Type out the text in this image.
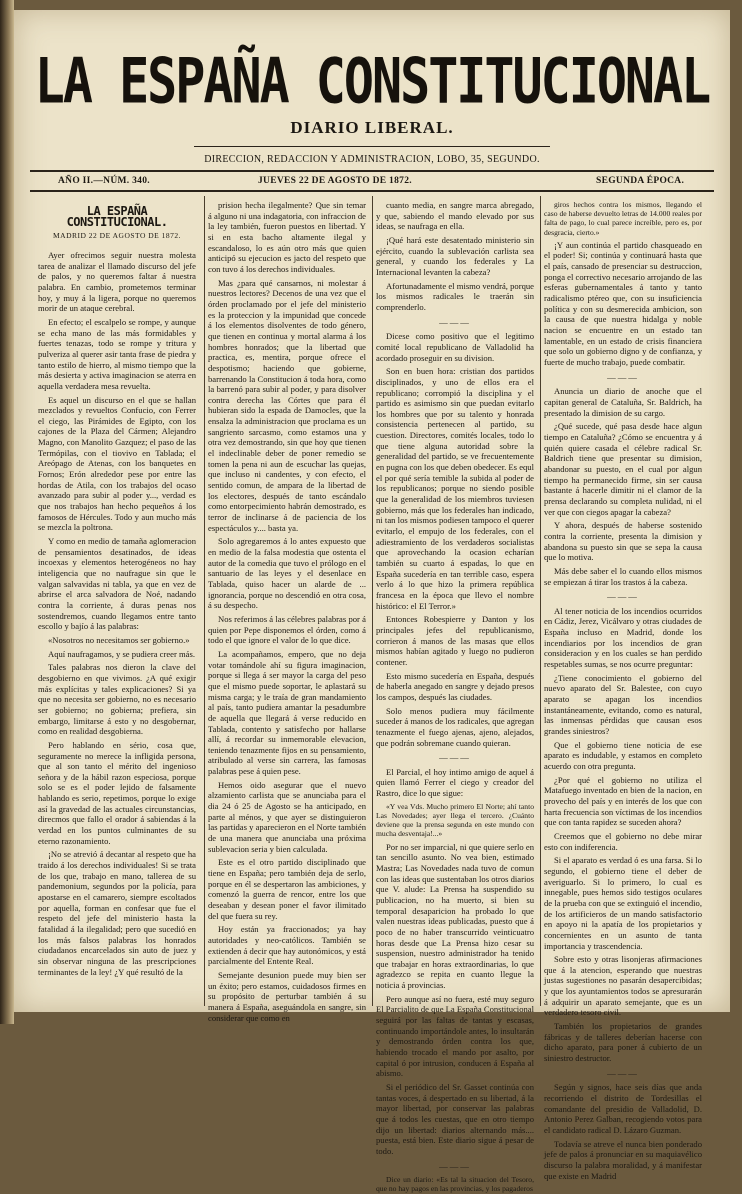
LA ESPAÑA CONSTITUCIONAL
DIARIO LIBERAL.
DIRECCION, REDACCION Y ADMINISTRACION, LOBO, 35, SEGUNDO.
AÑO II.—NÚM. 340.	JUEVES 22 DE AGOSTO DE 1872.	SEGUNDA ÉPOCA.

LA ESPAÑA CONSTITUCIONAL.

MADRID 22 DE AGOSTO DE 1872.

Ayer ofrecimos seguir nuestra molesta tarea de analizar el llamado discurso del jefe de palos, y no queremos faltar á nuestra palabra. En cambio, prometemos terminar hoy, y muy á la ligera, porque no queremos morir de un ataque cerebral.

En efecto; el escalpelo se rompe, y aunque se echa mano de las más formidables y fuertes tenazas, todo se rompe y tritura y pulveriza al querer asir tanta frase de piedra y tanto estilo de hierro, al mismo tiempo que la más desierta y activa imaginacion se aterra en aquella verdadera mesa revuelta.

Es aquel un discurso en el que se hallan mezclados y revueltos Confucio, con Ferrer el ciego, las Pirámides de Egipto, con los cajones de la Plaza del Cármen; Alejandro Magno, con Manolito Gazquez; el paso de las Termópilas, con el tiovivo en Tablada; el Areópago de Atenas, con los banquetes en Fornos; Erón alrededor pese por entre las hordas de Atila, con los trabajos del ocaso avanzado para subir al poder y..., verdad es que nos trabajos han hecho pequeños á los famosos de Hércules. Todo y aun mucho más se mezcla la poltrona.

Y como en medio de tamaña aglomeracion de pensamientos desatinados, de ideas incoexas y elementos heterogéneos no hay inteligencia que no naufrague sin que le valgan salvavidas ni tabla, ya que en vez de abrirse el arca salvadora de Noé, nadando contra la corriente, á duras penas nos sostendremos, cuando llegamos entre tanto escollo y bajío á las palabras:

«Nosotros no necesitamos ser gobierno.»

Aquí naufragamos, y se pudiera creer más.

Tales palabras nos dieron la clave del desgobierno en que vivimos. ¿A qué exigir más explícitas y tales explicaciones? Si ya que no necesita ser gobierno, no es necesario ser gobierno; no gobierna; prefiera, sin embargo, limitarse á esto y no desgobernar, como en realidad desgobierna.

Pero hablando en sério, cosa que, seguramente no merece la infligida persona, que al son tanto el mérito del ingenioso señora y de la hábil razon especiosa, porque solo se es el poder lejido de falsamente hablando es serio, repetimos, porque lo exige así la gravedad de las actuales circunstancias, direcmos que fallo el orador á sabiendas á la verdad en los puntos culminantes de su eterno razonamiento.

¡No se atrevió á decantar al respeto que ha traido á los derechos individuales! Si se trata de los que, trabajo en mano, tallerea de su pandemonium, segundos por la policía, para apostarse en el camarero, siempre escoltados por aquella, forman en confesar que fue el respeto del jefe del ministerio hasta la fatalidad á la ilegalidad; pero que sucedió en los más falsos palabras los honrados ciudadanos encarcelados sin auto de juez y sin observar ninguna de las prescripciones terminantes de la ley! ¿Y qué resultó de la

prision hecha ilegalmente? Que sin temar á alguno ni una indagatoria, con infraccion de la ley también, fueron puestos en libertad. Y si en esta bacho altamente ilegal y escandaloso, lo es aún otro más que quien anticipó su ejecucion es jacto del respeto que con tuvo á los derechos individuales.

Mas ¿para qué cansarnos, ni molestar á nuestros lectores? Decenos de una vez que el órden proclamado por el jefe del ministerio es la proteccion y la impunidad que concede á los elementos disolventes de todo género, que tienen en continua y mortal alarma á los hombres honrados; que la libertad que practica, es, mentira, porque ofrece el despotismo; haciendo que gobierne, barrenando la Constitucion á toda hora, como la barrenó para subir al poder, y para disolver contra derecha las Córtes que para él hubieran sido la espada de Damocles, que la ensalza la administracion que proclama es un sangriento sarcasmo, como estamos una y otra vez demostrando, sin que hoy que tienen el indeclinable deber de poner remedio se tomen la pena ni aun de escuchar las quejas, que incluso ni candentes, y con efecto, el sentido comun, de ampara de la libertad de los electores, después de tanto escándalo como entorpecimiento habrán demostrado, es terror de inclinarse á de paciencia de los espectáculos y.... basta ya.

Solo agregaremos á lo antes expuesto que en medio de la falsa modestia que ostenta el autor de la comedia que tuvo el prólogo en el santuario de las leyes y el desenlace en Tablada, quiso hacer un alarde de ... ignorancia, porque no descendió en otra cosa, á su despecho.

Nos referimos á las célebres palabras por á quien por Pepe disponemos el órden, como á todo el que ignore el valor de lo que dice.

La acompañamos, empero, que no deja votar tomándole ahí su figura imaginacion, porque si llega á ser mayor la carga del peso que el mismo puede soportar, le aplastará su misma carga; y le traía de gran mandamiento al país, tanto pudiera amantar la pesadumbre de aquella que llegará á verse reducido en Tablada, contento y satisfecho por hallarse allí, á recordar su inmemorable elevacion, teniendo tenazmente fijos en su pensamiento, atribulado al verse sin carrera, las famosas palabras pese á quien pese.

Hemos oido asegurar que el nuevo alzamiento carlista que se anunciaba para el dia 24 ó 25 de Agosto se ha anticipado, en parte al ménos, y que ayer se distinguieron las partidas y aparecieron en el Norte también de una manera que anunciaba una próxima sublevacion seria y bien calculada.

Este es el otro partido disciplinado que tiene en España; pero también deja de serlo, porque en él se despertaron las ambiciones, y comenzó la guerra de rencor, entre los que deseaban y desean poner el favor ilimitado del que fuera su rey.

Hoy están ya fraccionados; ya hay autoridades y neo-católicos. También se extienden á decir que hay autonómicos, y está parcialmente del Entente Real.

Semejante desunion puede muy bien ser un éxito; pero estamos, cuidadosos firmes en su propósito de perturbar también á su manera á España, aseguándola en sangre, sin considerar que como en

cuanto media, en sangre marca abregado, y que, sabiendo el mando elevado por sus ideas, se naufraga en ella.

¡Qué hará este desatentado ministerio sin ejército, cuando la sublevación carlista sea general, y cuando los federales y La Internacional levanten la cabeza?

Afortunadamente el mismo vendrá, porque los mismos radicales le traerán sin comprenderlo.

———

Dicese como positivo que el legitimo comité local republicano de Valladolid ha acordado proseguir en su division.

Son en buen hora: cristian dos partidos disciplinados, y uno de ellos era el republicano; corrompió la disciplina y el partido es asimismo sin que puedan evitarlo los hombres que por su talento y honrada consistencia pertenecen al partido, su cuestion. Directores, comités locales, todo lo que tiene alguna autoridad sobre la generalidad del partido, se ve frecuentemente en pugna con los que deben obedecer. Es equl el por qué sería temible la subida al poder de los republicanos; porque no siendo posible que la generalidad de los miembros tuviesen gobierno, más que los federales han indicado, ni tan los mismos podiesen tampoco el querer evitarlo, el empujo de los federales, con el adiestramiento de los verdaderos socialistas que aprovechando la ocasion echarían también su cuarto á espadas, lo que en España sucedería en tan terrible caso, espera verlo á lo que hizo la primera república francesa en la época que llevo el nombre histórico: el El Terror.»

Entonces Robespierre y Danton y los principales jefes del republicanismo, corrieron á manos de las masas que ellos mismos habían agitado y luego no pudieron contener.

Esto mismo sucedería en España, después de haberla anegado en sangre y dejado presos los campos, después las ciudades.

Solo menos pudiera muy fácilmente suceder á manos de los radicales, que agregan tenazmente el fuego ajenas, ajeno, alejados, que podrán sobremane cuando quieran.

———

El Parcial, el hoy intimo amigo de aquel á quien llamó Ferrer el ciego y creador del Rastro, dice lo que sigue:

«Y vea Vds. Mucho primero El Norte; ahí tanto Las Novedades; ayer llega el tercero. ¿Cuánto deviene que la prensa segunda en este mundo con mucha desventaja!...»

Por no ser imparcial, ni que quiere serlo en tan sencillo asunto. No vea bien, estimado Mastra; Las Novedades nada tuvo de comun con las ideas que sustentaban los otros diarios que V. alude: La Prensa ha suspendido su publicacion, no ha muerto, si bien su temporal desaparicion ha probado lo que valen nuestras ideas publicadas, puesto que á poco de no haber transcurrido veinticuatro horas desde que La Prensa hizo cesar su suspension, nuestro administrador ha tenido que trabajar en horas extraordinarias, lo que agradezco se repita en cuanto llegue la noticia á provincias.

Pero aunque así no fuera, esté muy seguro El Parcialito de que La España Constitucional seguirá por las faltas de tantas y escasas, continuando importándole antes, lo insultarán y demostrando órden contra los que, habiendo trocado el mando por asalto, por capital ó por intrusion, conducen á España al abismo.

Si el periódico del Sr. Gasset continúa con tantas voces, á despertado en su libertad, á la mayor libertad, por conservar las palabras que á todos les cuestas, que en otro tiempo dijo un libertad: diarios alternando más.... puesta, está bien. Este diario sigue á pesar de todo.

———

Dice un diario: «Es tal la situacion del Tesoro, que no hay pagos en las provincias, y los pagaderos

giros hechos contra los mismos, llegando el caso de haberse devuelto letras de 14.000 reales por falta de pago, lo cual parece increíble, pero es, por desgracia, cierto.»

¡Y aun continúa el partido chasqueado en el poder! Si; continúa y continuará hasta que el país, cansado de presenciar su destruccion, ponga el correctivo necesario arrojando de las esferas gubernamentales á tanto y tanto radicalismo ptéreo que, con su insuficiencia política y con su desmerecida ambicion, son la causa de que nuestra hidalga y noble nacion se encuentre en un estado tan lamentable, en un estado de crisis financiera que solo un gobierno digno y de confianza, y fuerte de mucho trabajo, puede combatir.

———

Anuncia un diario de anoche que el capitan general de Cataluña, Sr. Baldrich, ha presentado la dimision de su cargo.

¿Qué sucede, qué pasa desde hace algun tiempo en Cataluña? ¿Cómo se encuentra y á quién quiere casada el célebre radical Sr. Baldrich tiene que presentar su dimision, abandonar su puesto, en el cual por algun tiempo ha permanecido firme, sin ser causa bastante á hacerle dimitir ni el clamor de la prensa declarando su completa nulidad, ni el ver que con ciegos apagar la cabeza?

Y ahora, después de haberse sostenido contra la corriente, presenta la dimision y abandona su puesto sin que se sepa la causa que lo motiva.

Más debe saber el lo cuando ellos mismos se empiezan á tirar los trastos á la cabeza.

———

Al tener noticia de los incendios ocurridos en Cádiz, Jerez, Vicálvaro y otras ciudades de España incluso en Madrid, donde los incendiarios por los incendios de gran consideracion y en los cuales se han perdido respetables sumas, se nos ocurre preguntar:

¿Tiene conocimiento el gobierno del nuevo aparato del Sr. Balestee, con cuyo aparato se apagan los incendios instantáneamente, evitando, como es natural, las inmensas pérdidas que causan esos grandes siniestros?

Que el gobierno tiene noticia de ese aparato es indudable, y estamos en completo acuerdo con otra pregunta.

¿Por qué el gobierno no utiliza el Matafuego inventado en bien de la nacion, en provecho del país y en interés de los que con harta frecuencia son víctimas de los incendios que con tanta rapidez se suceden ahora?

Creemos que el gobierno no debe mirar esto con indiferencia.

Si el aparato es verdad ó es una farsa. Si lo segundo, el gobierno tiene el deber de averiguarlo. Si lo primero, lo cual es innegable, pues hemos sido testigos oculares de la prueba con que se extinguió el incendio, de los artificieros de un mando satisfactorio en apoyo ni la apatía de los propietarios y concernientes en un asunto de tanta importancia y trascendencia.

Sobre esto y otras lisonjeras afirmaciones que á la atencion, esperando que nuestras justas sugestiones no pasarán desapercibidas; y que los ayuntamientos todos se apresurarán á adquirir un aparato semejante, que es un verdadero tesoro civil.

También los propietarios de grandes fábricas y de talleres deberían hacerse con dicho aparato, para poner á cubierto de un siniestro destructor.

———

Según y signos, hace seis días que anda recorriendo el distrito de Tordesillas el comandante del presidio de Valladolid, D. Antonio Perez Galban, recogiendo votos para el candidato radical D. Lázaro Guzman.

Todavía se atreve el nunca bien ponderado jefe de palos á pronunciar en su maquiavélico discurso la palabra moralidad, y á manifestar que existe en Madrid
